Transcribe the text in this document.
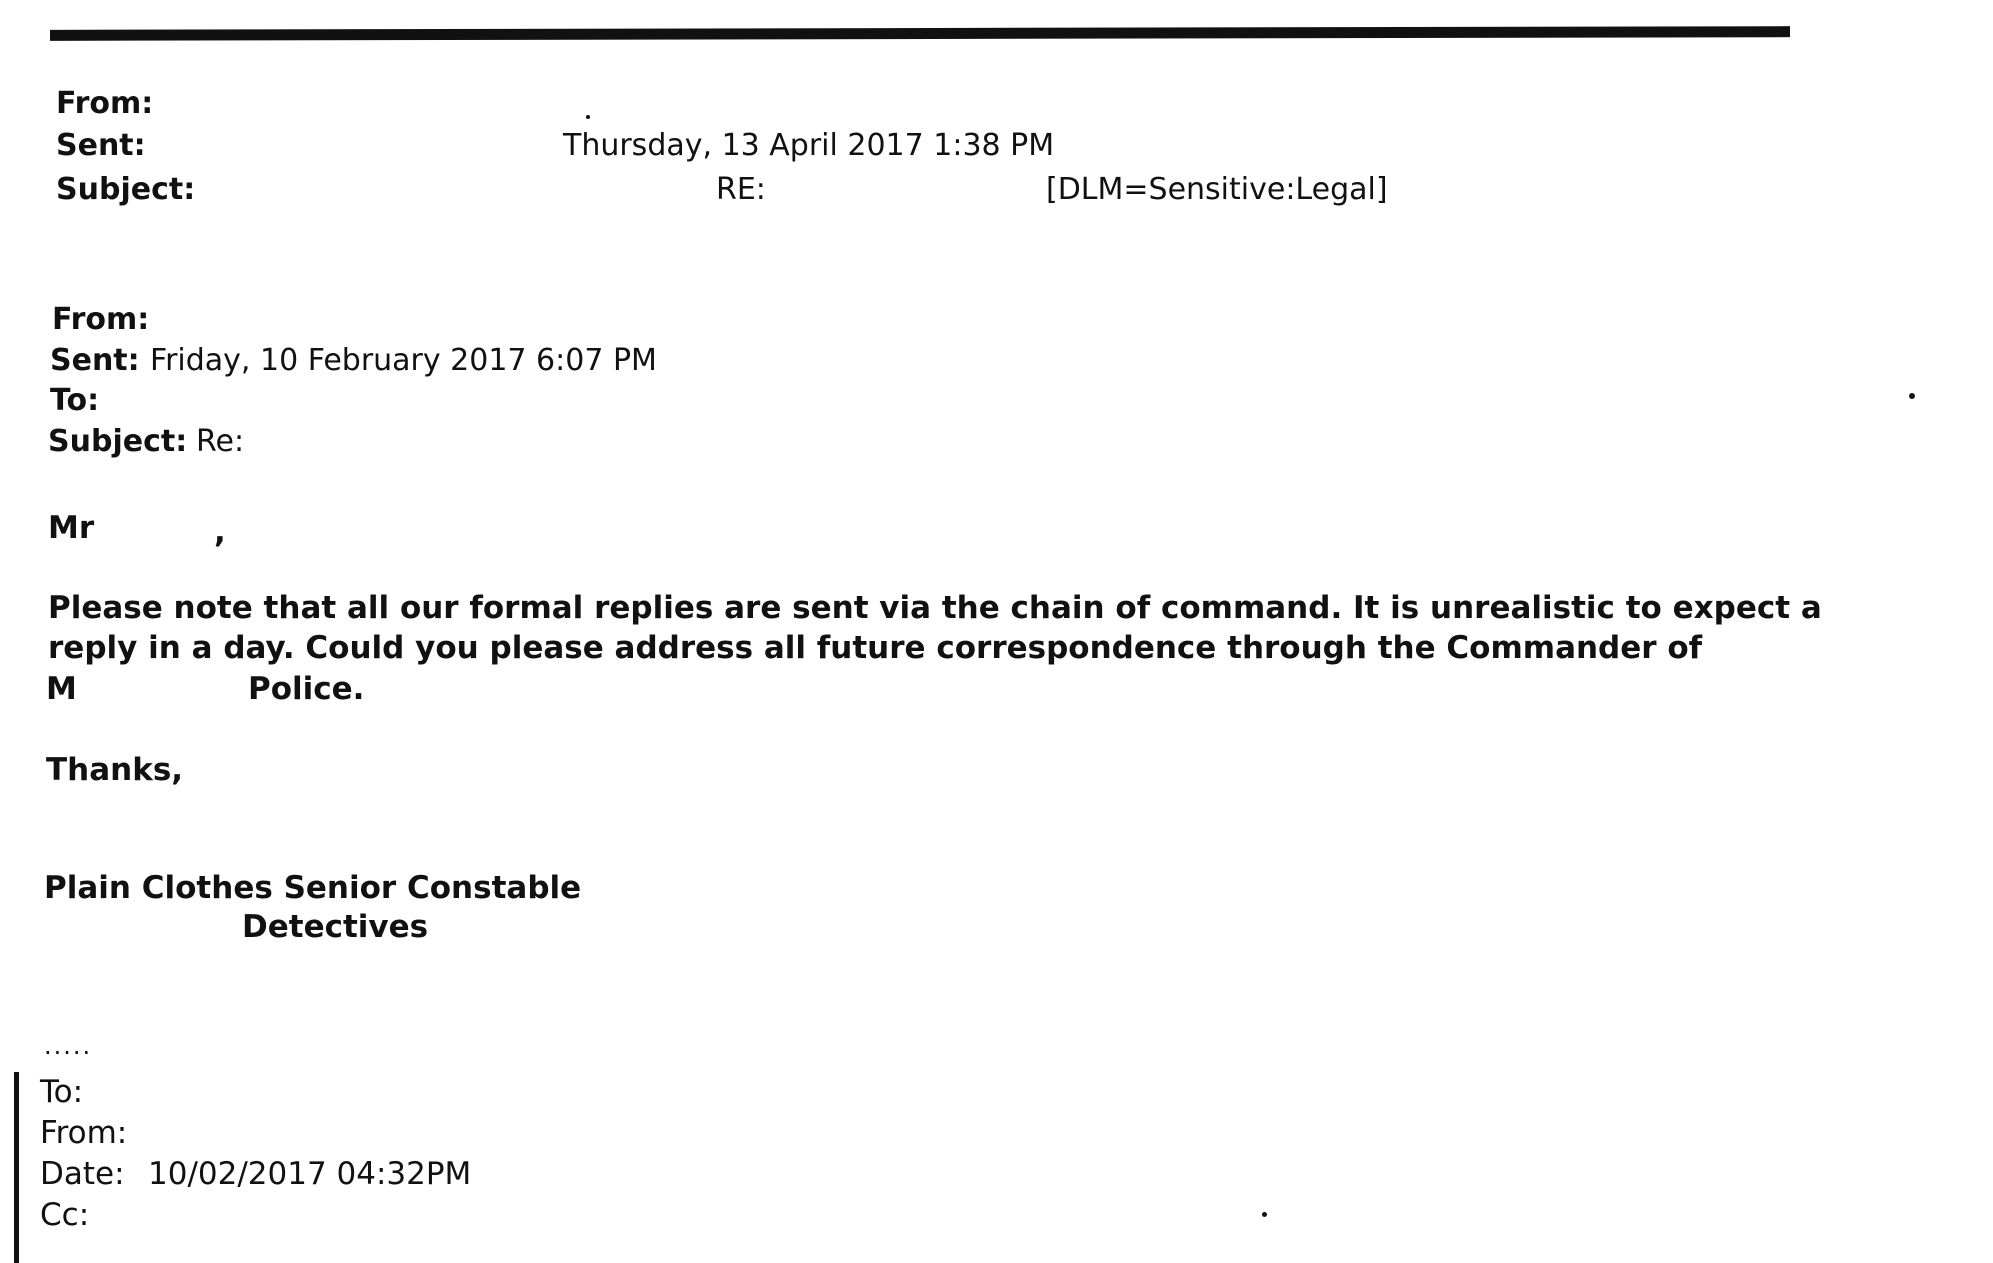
From:
Sent:	Thursday, 13 April 2017 1:38 PM
Subject:	RE:	[DLM=Sensitive:Legal]
From:
Sent: Friday, 10 February 2017 6:07 PM
To:
Subject: Re:
Mr	,
Please note that all our formal replies are sent via the chain of command. It is unrealistic to expect a
reply in a day. Could you please address all future correspondence through the Commander of
M	Police.
Thanks,
Plain Clothes Senior Constable
Detectives
.....
To:
From:
Date: 10/02/2017 04:32PM
Cc:
